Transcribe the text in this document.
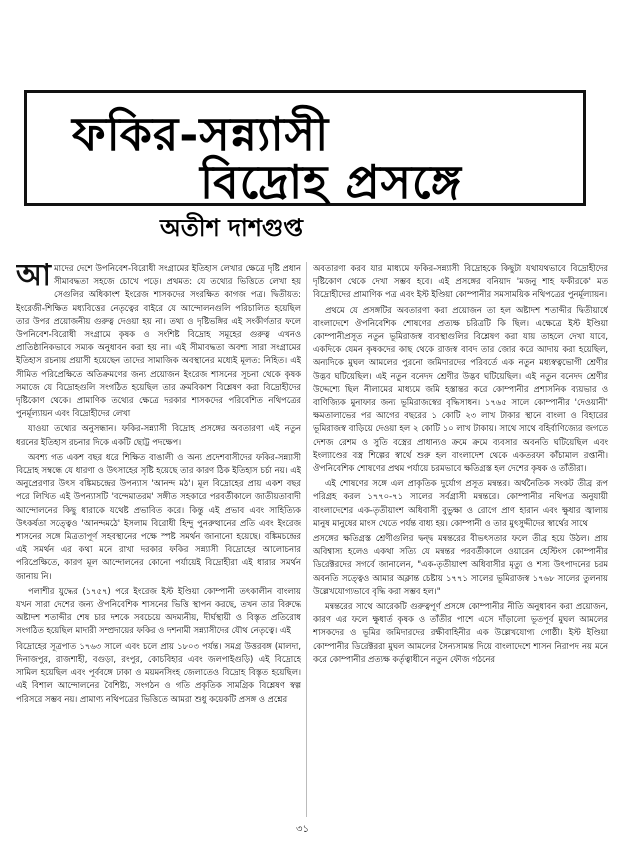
ফকির-সন্ন্যাসী
বিদ্রোহ প্রসঙ্গে
অতীশ দাশগুপ্ত

আমাদের দেশে উপনিবেশ-বিরোধী সংগ্রামের ইতিহাস লেখার ক্ষেত্রে দৃষ্টি প্রধান সীমাবদ্ধতা সহজে চোখে পড়ে। প্রথমত: যে তথ্যের ভিত্তিতে লেখা হয় সেগুলির অধিকাংশ ইংরেজ শাসকদের সংরক্ষিত কাগজ পত্র। দ্বিতীয়ত: ইংরেজী-শিক্ষিত মধ্যবিত্তের নেতৃত্বের বাইরে যে আন্দোলনগুলি পরিচালিত হয়েছিল তার উপর প্রয়োজনীয় গুরুত্ব দেওয়া হয় না। তথ্য ও দৃষ্টিভঙ্গির এই সংকীর্ণতার ফলে উপনিবেশ-বিরোধী সংগ্রামে কৃষক ও সংশিষ্ট বিদ্রোহ সমূহের গুরুত্ব এখনও প্রাতিষ্ঠানিকভাবে সম্যক অনুধাবন করা হয় না। এই সীমাবদ্ধতা অবশ্য সারা সংগ্রামের ইতিহাস রচনায় প্রয়াসী হয়েছেন তাদের সামাজিক অবস্থানের মধ্যেই মূলত: নিহিত। এই সীমিত পরিপ্রেক্ষিতে অতিক্রমণের জন্য প্রয়োজন ইংরেজ শাসনের সূচনা থেকে কৃষক সমাজে যে বিদ্রোহগুলি সংগঠিত হয়েছিল তার ক্রমবিকাশ বিশ্লেষণ করা বিদ্রোহীদের দৃষ্টিকোণ থেকে। প্রামাণিক তথ্যের ক্ষেত্রে দরকার শাসকদের পরিবেশিত নথিপত্রের পুনর্মূল্যায়ন এবং বিদ্রোহীদের লেখা

যাওয়া তথ্যের অনুসন্ধান। ফকির-সন্ন্যাসী বিদ্রোহ প্রসঙ্গের অবতারণা এই নতুন ধরনের ইতিহাস রচনার দিকে একটি ছোট্ট পদক্ষেপ।

অবশ্য গত একশ বছর ধরে শিক্ষিত বাঙালী ও অন্য প্রদেশবাসীদের ফকির-সন্ন্যাসী বিদ্রোহ সম্বন্ধে যে ধারণা ও উৎসাহের সৃষ্টি হয়েছে তার কারণ ঠিক ইতিহাস চর্চা নয়। এই অনুপ্রেরণার উৎস বঙ্কিমচন্দ্রের উপন্যাস 'আনন্দ মঠ'। মূল বিদ্রোহের প্রায় একশ বছর পরে লিখিত এই উপন্যাসটি 'বন্দেমাতরম' সঙ্গীত সহকারে পরবর্তীকালে জাতীয়তাবাদী আন্দোলনের কিছু ধারাকে যথেষ্ট প্রভাবিত করে। কিন্তু এই প্রভাব এবং সাহিত্যিক উৎকর্ষতা সত্ত্বেও 'আনন্দমঠে' ইসলাম বিরোধী হিন্দু পুনরুত্থানের প্রতি এবং ইংরেজ শাসনের সঙ্গে মিত্রতাপূর্ণ সহবস্থানের পক্ষে স্পষ্ট সমর্থন জানানো হয়েছে। বঙ্কিমচন্দ্রের এই সমর্থন এর কথা মনে রাখা দরকার ফকির সন্ন্যাসী বিদ্রোহের আলোচনার পরিপ্রেক্ষিতে, কারণ মূল আন্দোলনের কোনো পর্যায়েই বিদ্রোহীরা এই ধারার সমর্থন জানায় নি।

পলাশীর যুদ্ধের (১৭৫৭) পরে ইংরেজ ইস্ট ইণ্ডিয়া কোম্পানী তৎকালীন বাংলায় যখন সারা দেশের জন্য ঔপনিবেশিক শাসনের ভিত্তি স্থাপন করছে, তখন তার বিরুদ্ধে অষ্টাদশ শতাব্দীর শেষ চার দশকে সবচেয়ে অদম্যনীয়, দীর্ঘস্থায়ী ও বিস্তৃত প্রতিরোধ সংগঠিত হয়েছিল মাদারী সম্প্রদায়ের ফকির ও দশনামী সন্ন্যাসীদের যৌথ নেতৃত্বে। এই

বিদ্রোহের সূত্রপাত ১৭৬৩ সালে এবং চলে প্রায় ১৮০৩ পর্যন্ত। সমগ্র উত্তরবঙ্গ (মালদা, দিনাজপুর, রাজশাহী, বগুড়া, রংপুর, কোচবিহার এবং জলপাইগুড়ি) এই বিদ্রোহে সামিল হয়েছিল এবং পূর্ববঙ্গে ঢাকা ও ময়মনসিংহ জেলাতেও বিদ্রোহ বিস্তৃত হয়েছিল। এই বিশাল আন্দোলনের বৈশিষ্ট্য, সংগঠন ও গতি প্রকৃতিক সামগ্রিক বিশ্লেষণ স্বল্প পরিসরে সম্ভব নয়। প্রামাণ্য নথিপত্রের ভিত্তিতে আমরা শুধু কয়েকটি প্রসঙ্গ ও প্রশ্নের

অবতারণা করব যার মাধ্যমে ফকির-সন্ন্যাসী বিদ্রোহকে কিছুটা যথাযথভাবে বিদ্রোহীদের দৃষ্টিকোণ থেকে দেখা সম্ভব হবে। এই প্রসঙ্গের বনিয়াদ 'মজনু শাহ ফকীরকে' মত বিদ্রোহীদের প্রামাণিক পত্র এবং ইস্ট ইণ্ডিয়া কোম্পানীর সমসাময়িক নথিপত্রের পুনর্মূল্যায়ন।

প্রথমে যে প্রসঙ্গটির অবতারণা করা প্রয়োজন তা হল অষ্টাদশ শতাব্দীর দ্বিতীয়ার্ধে বাংলাদেশে ঔপনিবেশিক শোষণের প্রত্যক্ষ চরিত্রটি কি ছিল। এক্ষেত্রে ইস্ট ইণ্ডিয়া কোম্পানীপ্রসূত নতুন ভূমিরাজস্ব ব্যবস্থাগুলির বিশ্লেষণ করা যায় তাহলে দেখা যাবে, একদিকে যেমন কৃষকদের কাছ থেকে রাজস্ব বাবদ তার জোর করে আদায় করা হয়েছিল, অন্যদিকে মুঘল আমলের পুরনো জমিদারদের পরিবর্তে এক নতুন মধ্যস্বত্বভোগী শ্রেণীর উদ্ভব ঘটিয়েছিল। এই নতুন বনেদদ শ্রেণীর উদ্ভব ঘটিয়েছিল। এই নতুন বনেদদ শ্রেণীর উদ্দেশ্যে ছিল নীলামের মাধ্যমে জমি হস্তান্তর করে কোম্পানীর প্রশাসনিক ব্যয়ভার ও বাণিজ্যিক মুনাফার জন্য ভূমিরাজস্বের বৃদ্ধিসাধন। ১৭৬৫ সালে কোম্পানীর 'দেওয়ানী' ক্ষমতালাভের পর আগের বছরের ১ কোটি ২৩ লাখ টাকার স্থানে বাংলা ও বিহারের ভূমিরাজস্ব বাড়িয়ে দেওয়া হল ২ কোটি ১০ লাখ টাকায়। সাথে সাথে বহির্বাণিজ্যের জগতে দেশজ রেশম ও সুতি বস্ত্রের প্রাধান্যও ক্রমে ক্রমে ব্যবসার অবনতি ঘটিয়েছিল এবং ইংল্যাণ্ডের বস্ত্র শিল্পের স্বার্থে শুরু হল বাংলাদেশ থেকে একতরফা কাঁচামাল রপ্তানী। ঔপনিবেশিক শোষণের প্রথম পর্যায়ে চরমভাবে ক্ষতিগ্রস্ত হল দেশের কৃষক ও তাঁতীরা।

এই শোষণের সঙ্গে এল প্রাকৃতিক দুর্যোগ প্রসূত মন্বন্তর। অর্থনৈতিক সংকট তীব্র রূপ পরিগ্রহ করল ১৭৭০-৭১ সালের সর্বগ্রাসী মন্বন্তরে। কোম্পানীর নথিপত্র অনুযায়ী বাংলাদেশের এক-তৃতীয়াংশ অধিবাসী বুভুক্ষা ও রোগে প্রাণ হারান এবং ক্ষুধার জ্বালায় মানুষ মানুষের মাংস খেতে পর্যন্ত বাধ্য হয়। কোম্পানী ও তার মুৎসুদ্দীদের স্বার্থের সাথে

প্রসঙ্গের ক্ষতিগ্রস্ত শ্রেণীগুলির দ্বন্দ্ব মন্বন্তরের বীভৎসতার ফলে তীব্র হয়ে উঠল। প্রায় অবিশ্বাস্য হলেও একথা সত্যি যে মন্বন্তর পরবর্তীকালে ওয়ারেন হেস্টিংস কোম্পানীর ডিরেক্টরদের সগর্বে জানালেন, "এক-তৃতীয়াংশ অধিবাসীর মৃত্যু ও শস্য উৎপাদনের চরম অবনতি সত্ত্বেও আমার অক্লান্ত চেষ্টায় ১৭৭১ সালের ভূমিরাজস্ব ১৭৬৮ সালের তুলনায় উল্লেখযোগ্যভাবে বৃদ্ধি করা সম্ভব হল।"

মন্বন্তরের সাথে আরেকটি গুরুত্বপূর্ণ প্রসঙ্গে কোম্পানীর নীতি অনুধাবন করা প্রয়োজন, কারণ এর ফলে ক্ষুধার্ত কৃষক ও তাঁতীর পাশে এসে দাঁড়ালো ভূতপূর্ব মুঘল আমলের শাসকদের ও ভূমির জমিদারদের রক্ষীবাহিনীর এক উল্লেখযোগ্য গোষ্ঠী। ইস্ট ইণ্ডিয়া কোম্পানীর ডিরেক্টররা মুঘল আমলের সৈন্যসামন্ত দিয়ে বাংলাদেশে শাসন নিরাপদ নয় মনে করে কোম্পানীর প্রত্যক্ষ কর্তৃত্বাধীনে নতুন ফৌজ গঠনের

৩১
